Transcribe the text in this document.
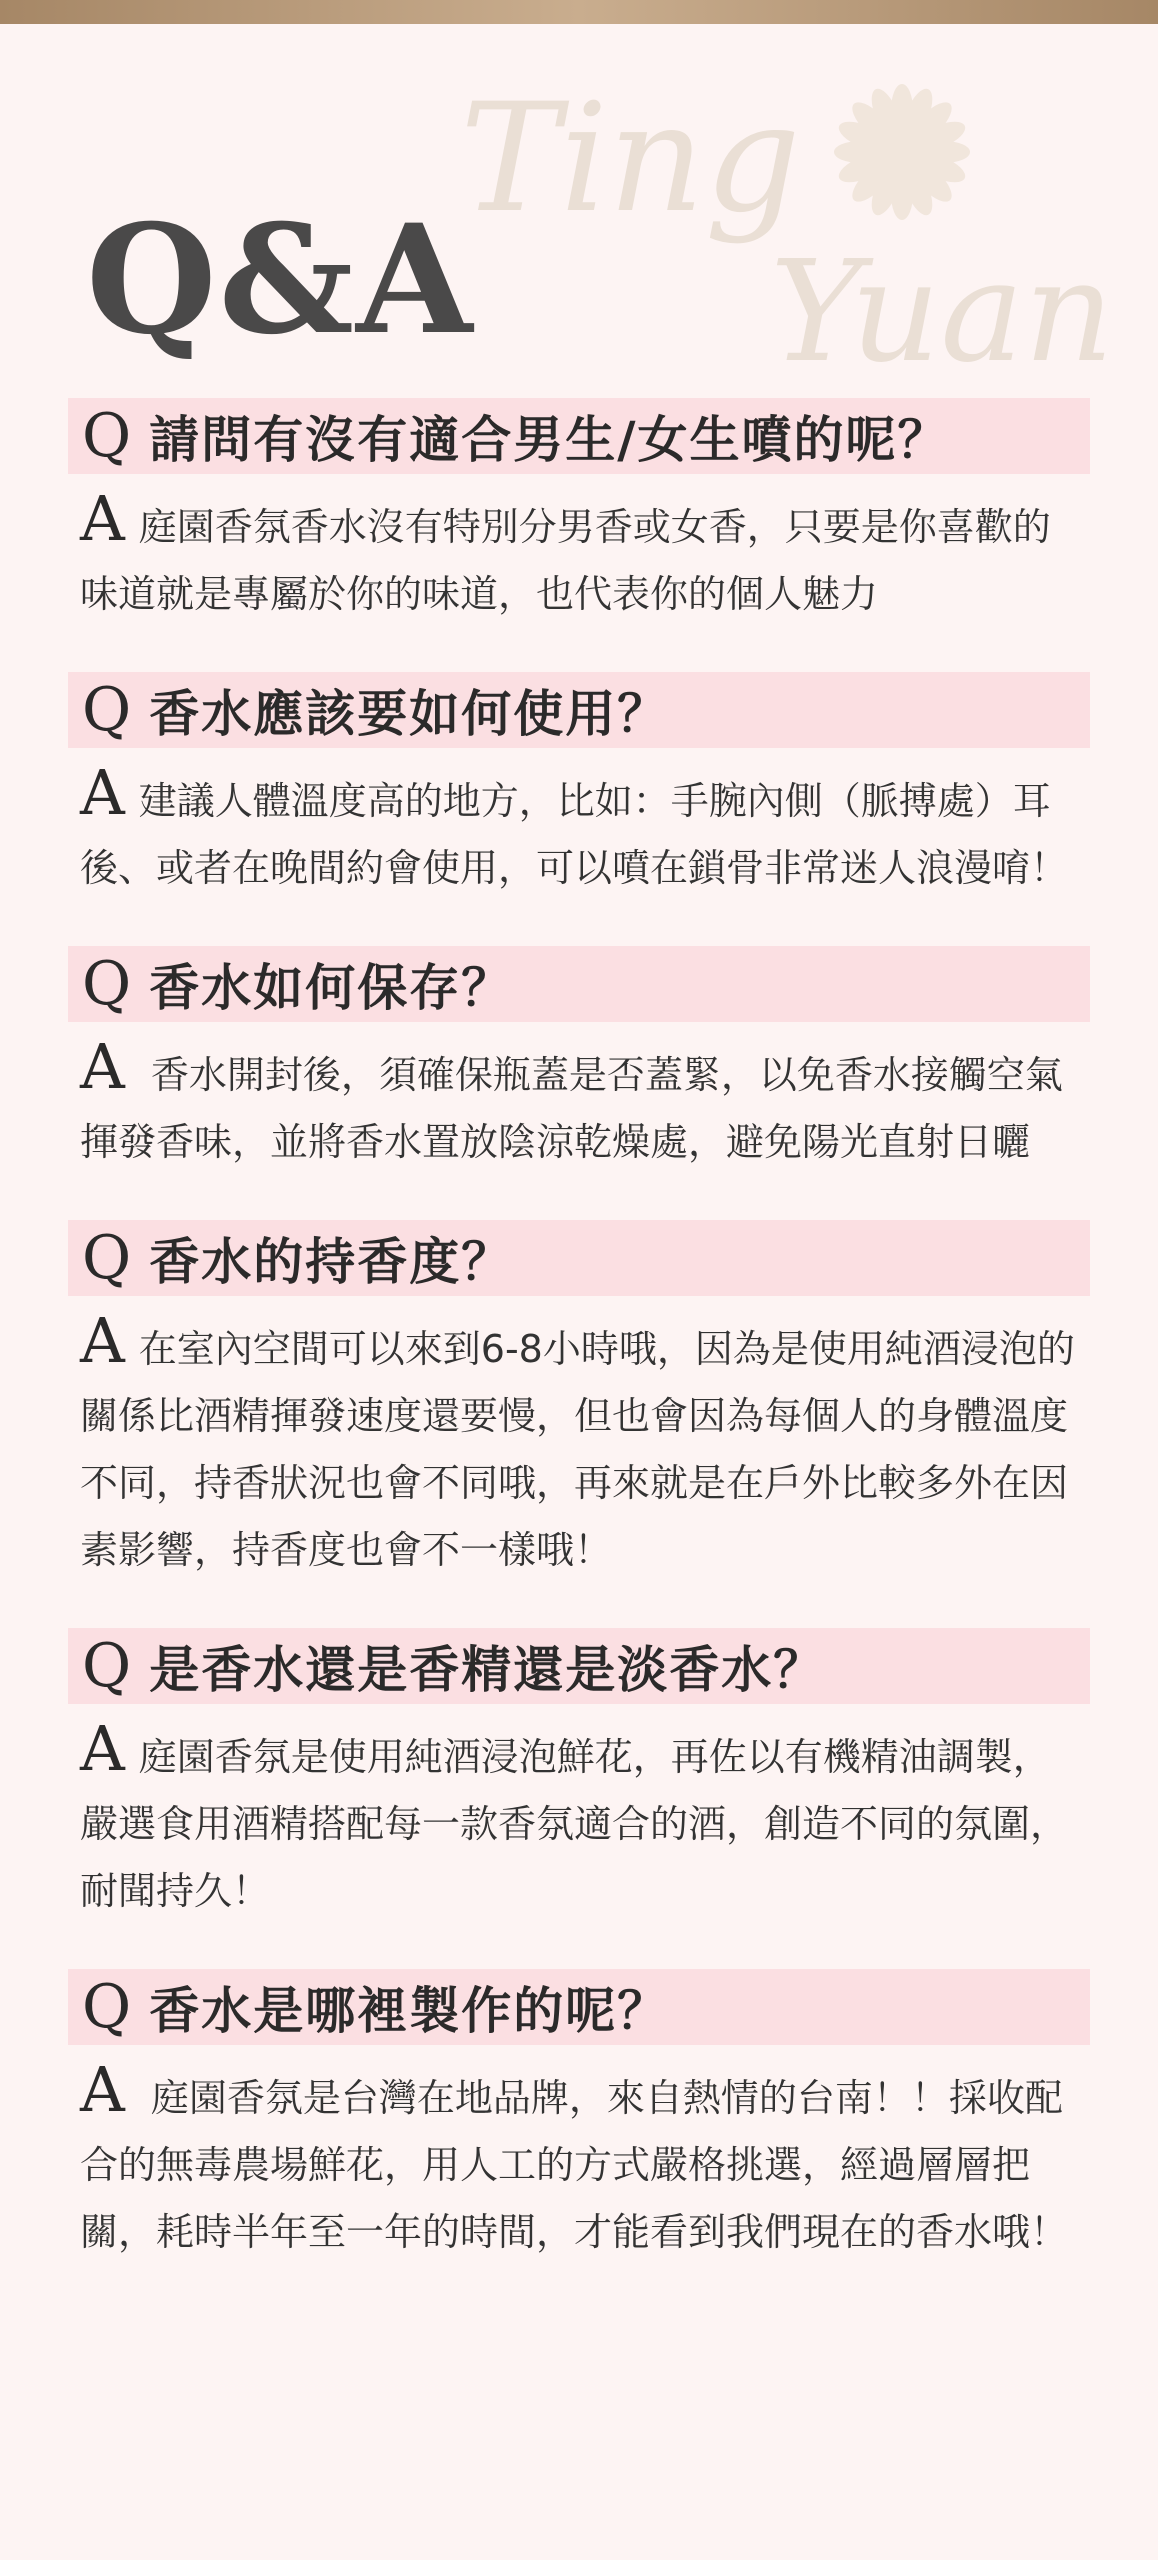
Ting
Yuan
Q&A
Q 請問有沒有適合男生/女生噴的呢？
A庭園香氛香水沒有特別分男香或女香，只要是你喜歡的味道就是專屬於你的味道，也代表你的個人魅力
Q 香水應該要如何使用？
A建議人體溫度高的地方，比如：手腕內側（脈搏處）耳後、或者在晚間約會使用，可以噴在鎖骨非常迷人浪漫唷！
Q 香水如何保存？
A 香水開封後，須確保瓶蓋是否蓋緊，以免香水接觸空氣揮發香味，並將香水置放陰涼乾燥處，避免陽光直射日曬
Q 香水的持香度？
A在室內空間可以來到6-8小時哦，因為是使用純酒浸泡的關係比酒精揮發速度還要慢，但也會因為每個人的身體溫度不同，持香狀況也會不同哦，再來就是在戶外比較多外在因素影響，持香度也會不一樣哦！
Q 是香水還是香精還是淡香水？
A庭園香氛是使用純酒浸泡鮮花，再佐以有機精油調製，嚴選食用酒精搭配每一款香氛適合的酒，創造不同的氛圍，耐聞持久！
Q 香水是哪裡製作的呢？
A 庭園香氛是台灣在地品牌，來自熱情的台南！！採收配合的無毒農場鮮花，用人工的方式嚴格挑選，經過層層把關，耗時半年至一年的時間，才能看到我們現在的香水哦！
